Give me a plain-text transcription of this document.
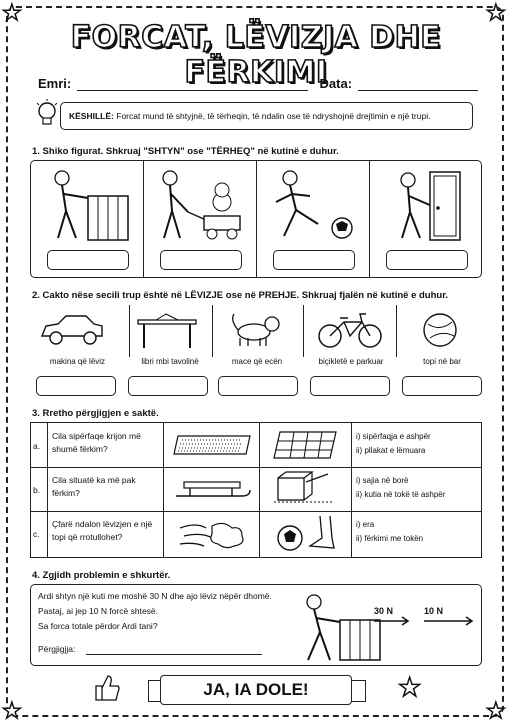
★	★
★	★
FORCAT, LËVIZJA DHE FËRKIMI
Emri:	Data:
KËSHILLË: Forcat mund të shtyjnë, të tërheqin, të ndalin ose të ndryshojnë drejtimin e një trupi.
1. Shiko figurat. Shkruaj "SHTYN" ose "TËRHEQ" në kutinë e duhur.
2. Cakto nëse secili trup është në LËVIZJE ose në PREHJE. Shkruaj fjalën në kutinë e duhur.
makina që lëviz	libri mbi tavolinë	mace që ecën	biçikletë e parkuar	topi në bar
3. Rretho përgjigjen e saktë.
a.
Cila sipërfaqe krijon më shumë fërkim?
i) sipërfaqja e ashpër
ii) pllakat e lëmuara
b.
Cila situatë ka më pak fërkim?
i) sajia në borë
ii) kutia në tokë të ashpër
c.
Çfarë ndalon lëvizjen e një topi që rrotullohet?
i) era
ii) fërkimi me tokën
4. Zgjidh problemin e shkurtër.
Ardi shtyn një kuti me moshë 30 N dhe ajo lëviz nëpër dhomë.
Pastaj, ai jep 10 N forcë shtesë.
Sa forca totale përdor Ardi tani?
Përgjigjja:
30 N	10 N
JA, IA DOLE!	★
